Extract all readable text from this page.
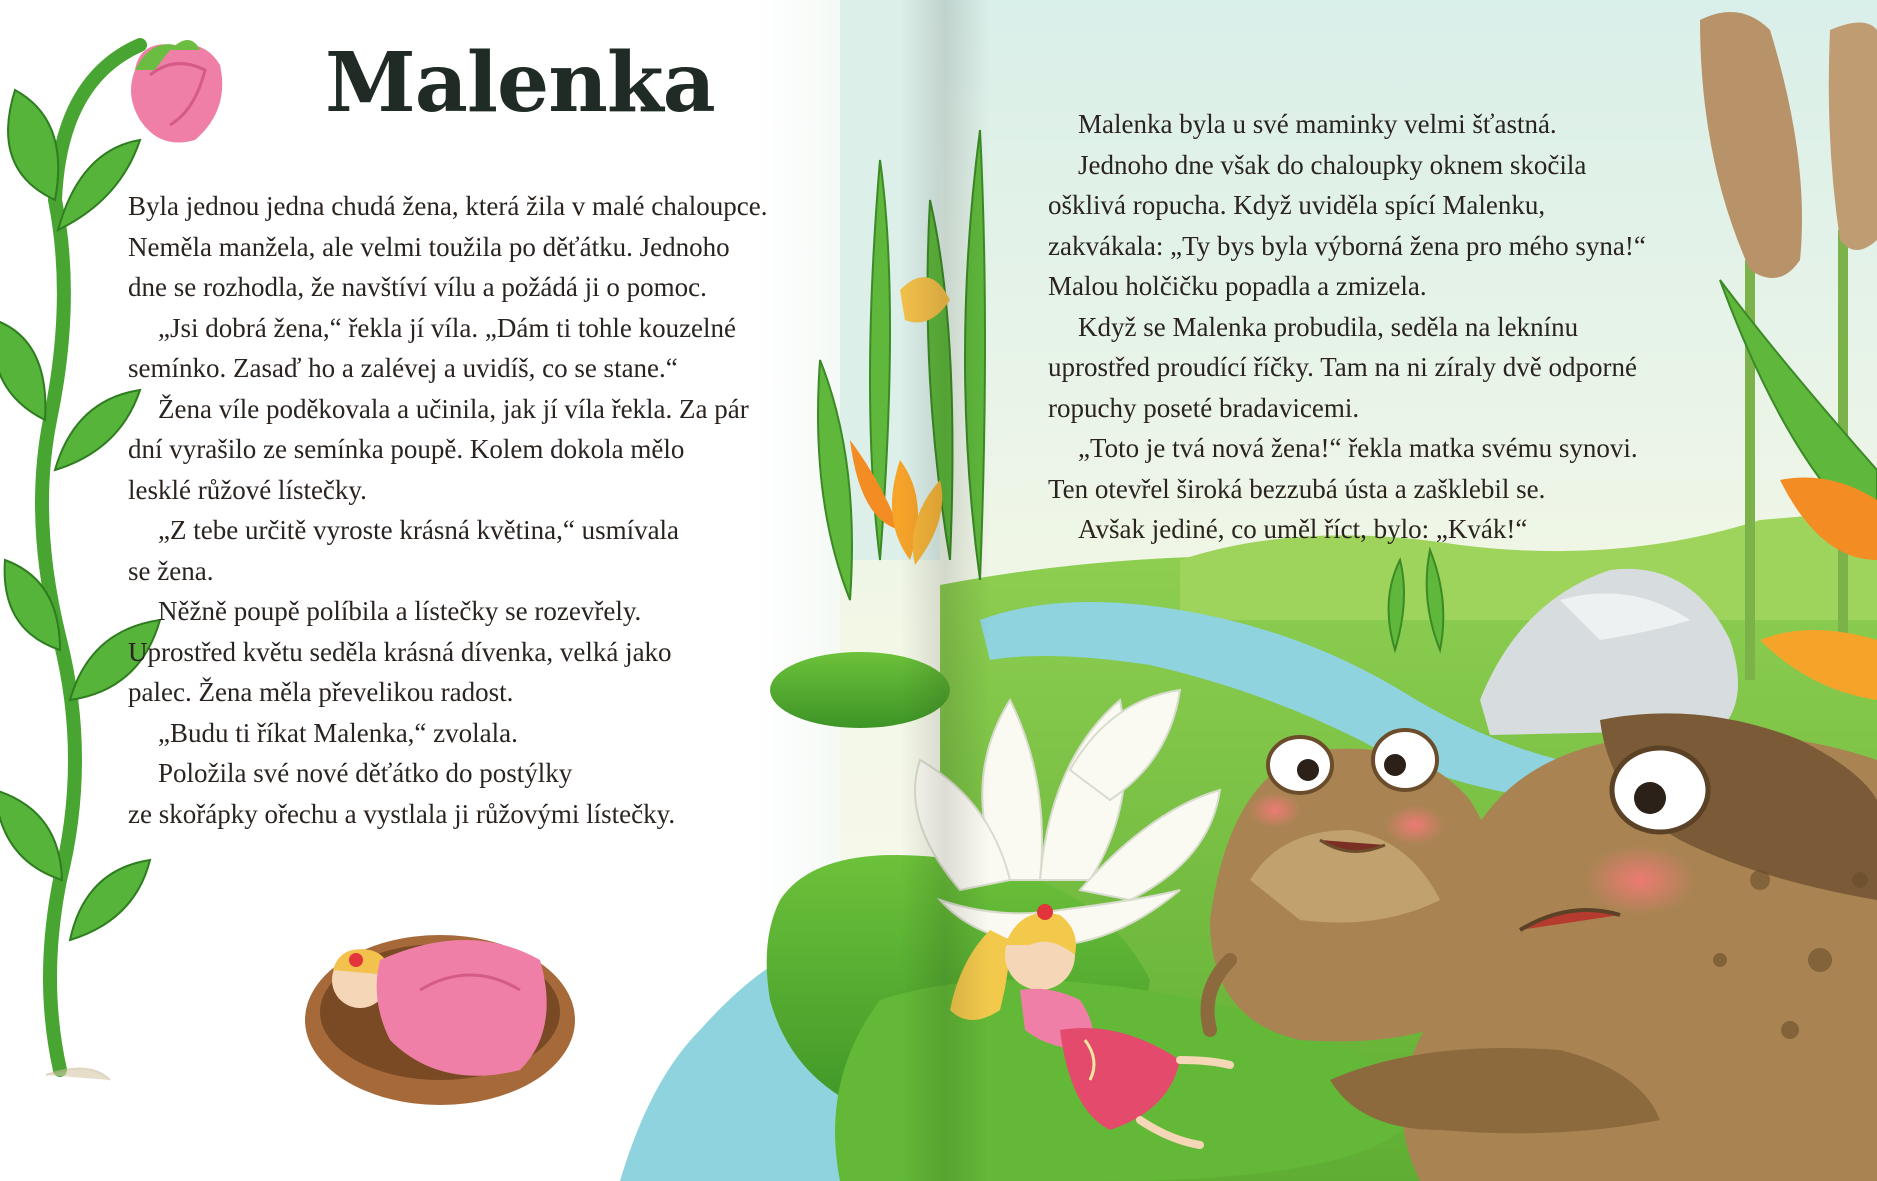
Malenka

Byla jednou jedna chudá žena, která žila v malé chaloupce.

Neměla manžela, ale velmi toužila po děťátku. Jednoho

dne se rozhodla, že navštíví vílu a požádá ji o pomoc.

„Jsi dobrá žena,“ řekla jí víla. „Dám ti tohle kouzelné

semínko. Zasaď ho a zalévej a uvidíš, co se stane.“

Žena víle poděkovala a učinila, jak jí víla řekla. Za pár

dní vyrašilo ze semínka poupě. Kolem dokola mělo

lesklé růžové lístečky.

„Z tebe určitě vyroste krásná květina,“ usmívala

se žena.

Něžně poupě políbila a lístečky se rozevřely.

Uprostřed květu seděla krásná dívenka, velká jako

palec. Žena měla převelikou radost.

„Budu ti říkat Malenka,“ zvolala.

Položila své nové děťátko do postýlky

ze skořápky ořechu a vystlala ji růžovými lístečky.

Malenka byla u své maminky velmi šťastná.

Jednoho dne však do chaloupky oknem skočila

ošklivá ropucha. Když uviděla spící Malenku,

zakvákala: „Ty bys byla výborná žena pro mého syna!“

Malou holčičku popadla a zmizela.

Když se Malenka probudila, seděla na leknínu

uprostřed proudící říčky. Tam na ni zíraly dvě odporné

ropuchy poseté bradavicemi.

„Toto je tvá nová žena!“ řekla matka svému synovi.

Ten otevřel široká bezzubá ústa a zašklebil se.

Avšak jediné, co uměl říct, bylo: „Kvák!“
